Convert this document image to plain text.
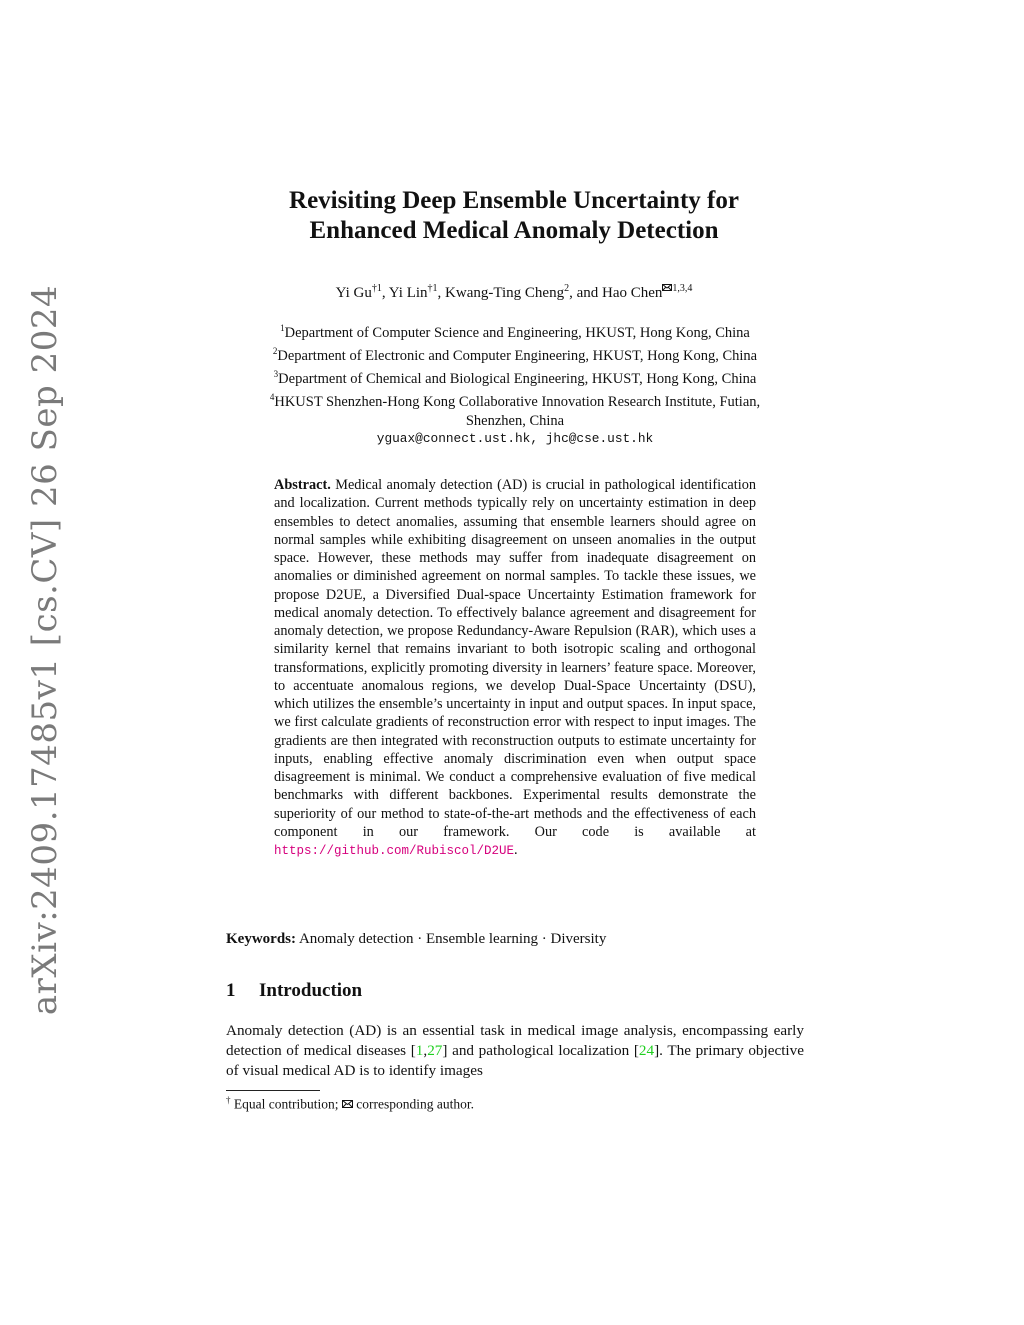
arXiv:2409.17485v1 [cs.CV] 26 Sep 2024
Revisiting Deep Ensemble Uncertainty for
Enhanced Medical Anomaly Detection
Yi Gu$^{\dagger 1}$, Yi Lin$^{\dagger 1}$, Kwang-Ting Cheng$^2$, and Hao Chen $^{1,3,4}$
$^1$Department of Computer Science and Engineering, HKUST, Hong Kong, China
$^2$Department of Electronic and Computer Engineering, HKUST, Hong Kong, China
$^3$Department of Chemical and Biological Engineering, HKUST, Hong Kong, China
$^4$HKUST Shenzhen-Hong Kong Collaborative Innovation Research Institute, Futian,
Shenzhen, China
yguax@connect.ust.hk, jhc@cse.ust.hk
Abstract. Medical anomaly detection (AD) is crucial in pathological identification and localization. Current methods typically rely on uncertainty estimation in deep ensembles to detect anomalies, assuming that ensemble learners should agree on normal samples while exhibiting disagreement on unseen anomalies in the output space. However, these methods may suffer from inadequate disagreement on anomalies or diminished agreement on normal samples. To tackle these issues, we propose D2UE, a Diversified Dual-space Uncertainty Estimation framework for medical anomaly detection. To effectively balance agreement and disagreement for anomaly detection, we propose Redundancy-Aware Repulsion (RAR), which uses a similarity kernel that remains invariant to both isotropic scaling and orthogonal transformations, explicitly promoting diversity in learners’ feature space. Moreover, to accentuate anomalous regions, we develop Dual-Space Uncertainty (DSU), which utilizes the ensemble’s uncertainty in input and output spaces. In input space, we first calculate gradients of reconstruction error with respect to input images. The gradients are then integrated with reconstruction outputs to estimate uncertainty for inputs, enabling effective anomaly discrimination even when output space disagreement is minimal. We conduct a comprehensive evaluation of five medical benchmarks with different backbones. Experimental results demonstrate the superiority of our method to state-of-the-art methods and the effectiveness of each component in our framework. Our code is available at https://github.com/Rubiscol/D2UE.
Keywords: Anomaly detection · Ensemble learning · Diversity
1 Introduction
Anomaly detection (AD) is an essential task in medical image analysis, encompassing early detection of medical diseases [1,27] and pathological localization [24]. The primary objective of visual medical AD is to identify images
† Equal contribution; corresponding author.
